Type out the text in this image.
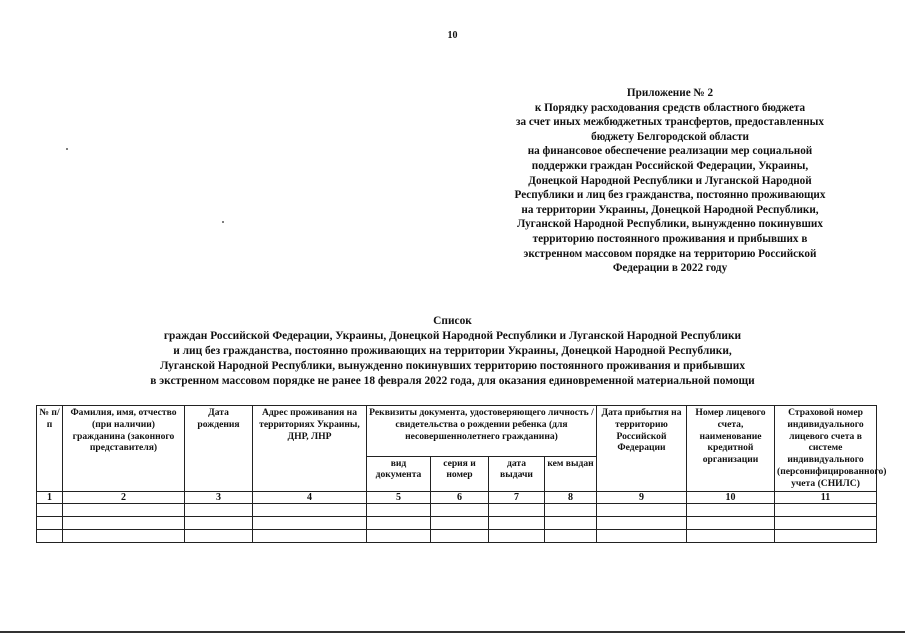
10
Приложение № 2
к Порядку расходования средств областного бюджета
за счет иных межбюджетных трансфертов, предоставленных
бюджету Белгородской области
на финансовое обеспечение реализации мер социальной
поддержки граждан Российской Федерации, Украины,
Донецкой Народной Республики и Луганской Народной
Республики и лиц без гражданства, постоянно проживающих
на территории Украины, Донецкой Народной Республики,
Луганской Народной Республики, вынужденно покинувших
территорию постоянного проживания и прибывших в
экстренном массовом порядке на территорию Российской
Федерации в 2022 году
Список
граждан Российской Федерации, Украины, Донецкой Народной Республики и Луганской Народной Республики
и лиц без гражданства, постоянно проживающих на территории Украины, Донецкой Народной Республики,
Луганской Народной Республики, вынужденно покинувших территорию постоянного проживания и прибывших
в экстренном массовом порядке не ранее 18 февраля 2022 года, для оказания единовременной материальной помощи
№ п/п	Фамилия, имя, отчество (при наличии) гражданина (законного представителя)	Дата рождения	Адрес проживания на территориях Украины, ДНР, ЛНР	Реквизиты документа, удостоверяющего личность / свидетельства о рождении ребенка (для несовершеннолетнего гражданина)				Дата прибытия на территорию Российской Федерации	Номер лицевого счета, наименование кредитной организации	Страховой номер индивидуального лицевого счета в системе индивидуального (персонифицированного) учета (СНИЛС)
				вид документа	серия и номер	дата выдачи	кем выдан			
1	2	3	4	5	6	7	8	9	10	11
